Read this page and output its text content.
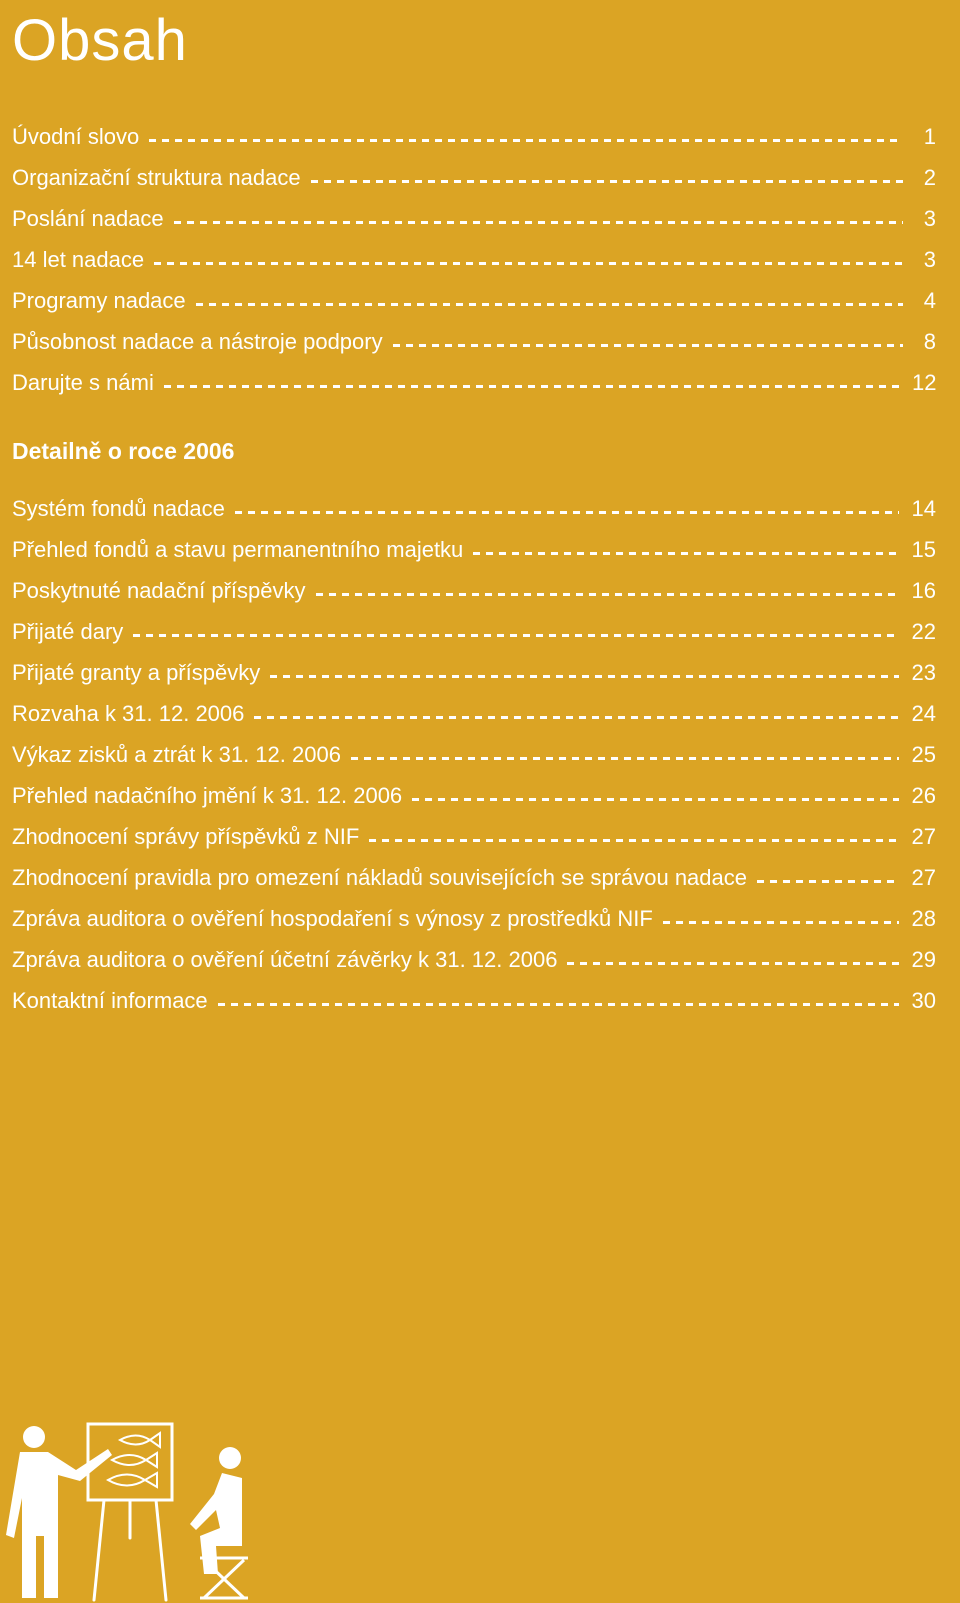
Obsah
Úvodní slovo	1
Organizační struktura nadace	2
Poslání nadace	3
14 let nadace	3
Programy nadace	4
Působnost nadace a nástroje podpory	8
Darujte s námi	12
Detailně o roce 2006
Systém fondů nadace	14
Přehled fondů a stavu permanentního majetku	15
Poskytnuté nadační příspěvky	16
Přijaté dary	22
Přijaté granty a příspěvky	23
Rozvaha k 31. 12. 2006	24
Výkaz zisků a ztrát k 31. 12. 2006	25
Přehled nadačního jmění k 31. 12. 2006	26
Zhodnocení správy příspěvků z NIF	27
Zhodnocení pravidla pro omezení nákladů souvisejících se správou nadace	27
Zpráva auditora o ověření hospodaření s výnosy z prostředků NIF	28
Zpráva auditora o ověření účetní závěrky k 31. 12. 2006	29
Kontaktní informace	30
